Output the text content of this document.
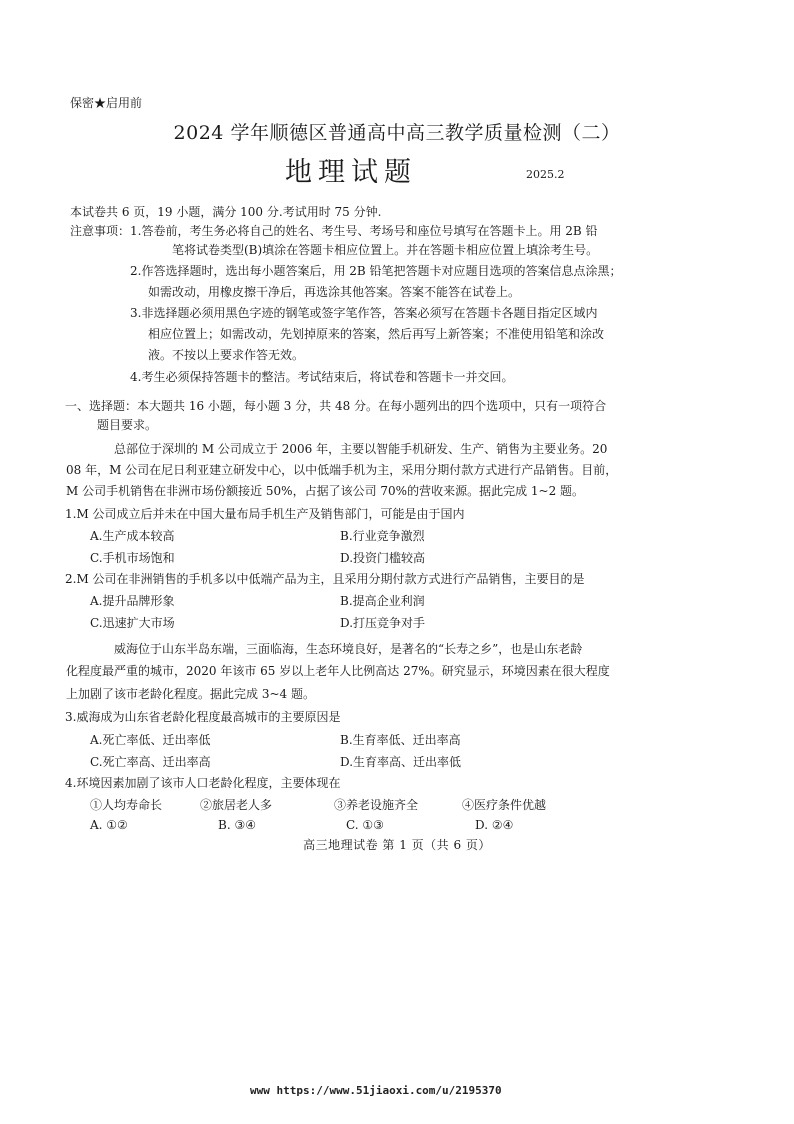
保密★启用前
2024 学年顺德区普通高中高三教学质量检测（二）
地理试题	2025.2
本试卷共 6 页，19 小题，满分 100 分.考试用时 75 分钟.
注意事项：1.答卷前，考生务必将自己的姓名、考生号、考场号和座位号填写在答题卡上。用 2B 铅
笔将试卷类型(B)填涂在答题卡相应位置上。并在答题卡相应位置上填涂考生号。
2.作答选择题时，选出每小题答案后，用 2B 铅笔把答题卡对应题目选项的答案信息点涂黑；
如需改动，用橡皮擦干净后，再选涂其他答案。答案不能答在试卷上。
3.非选择题必须用黑色字迹的钢笔或签字笔作答，答案必须写在答题卡各题目指定区域内
相应位置上；如需改动，先划掉原来的答案，然后再写上新答案；不准使用铅笔和涂改
液。不按以上要求作答无效。
4.考生必须保持答题卡的整洁。考试结束后，将试卷和答题卡一并交回。
一、选择题：本大题共 16 小题，每小题 3 分，共 48 分。在每小题列出的四个选项中，只有一项符合
题目要求。
　　　　总部位于深圳的 M 公司成立于 2006 年，主要以智能手机研发、生产、销售为主要业务。20
08 年，M 公司在尼日利亚建立研发中心，以中低端手机为主，采用分期付款方式进行产品销售。目前，
M 公司手机销售在非洲市场份额接近 50%，占据了该公司 70%的营收来源。据此完成 1~2 题。
1.M 公司成立后并未在中国大量布局手机生产及销售部门，可能是由于国内
A.生产成本较高	B.行业竞争激烈
C.手机市场饱和	D.投资门槛较高
2.M 公司在非洲销售的手机多以中低端产品为主，且采用分期付款方式进行产品销售，主要目的是
A.提升品牌形象	B.提高企业利润
C.迅速扩大市场	D.打压竞争对手
　　　　威海位于山东半岛东端，三面临海，生态环境良好，是著名的“长寿之乡”，也是山东老龄
化程度最严重的城市，2020 年该市 65 岁以上老年人比例高达 27%。研究显示，环境因素在很大程度
上加剧了该市老龄化程度。据此完成 3~4 题。
3.威海成为山东省老龄化程度最高城市的主要原因是
A.死亡率低、迁出率低	B.生育率低、迁出率高
C.死亡率高、迁出率高	D.生育率高、迁出率低
4.环境因素加剧了该市人口老龄化程度，主要体现在
①人均寿命长	②旅居老人多	③养老设施齐全	④医疗条件优越
A. ①②	B. ③④	C. ①③	D. ②④
高三地理试卷 第 1 页（共 6 页）
www https://www.51jiaoxi.com/u/2195370
